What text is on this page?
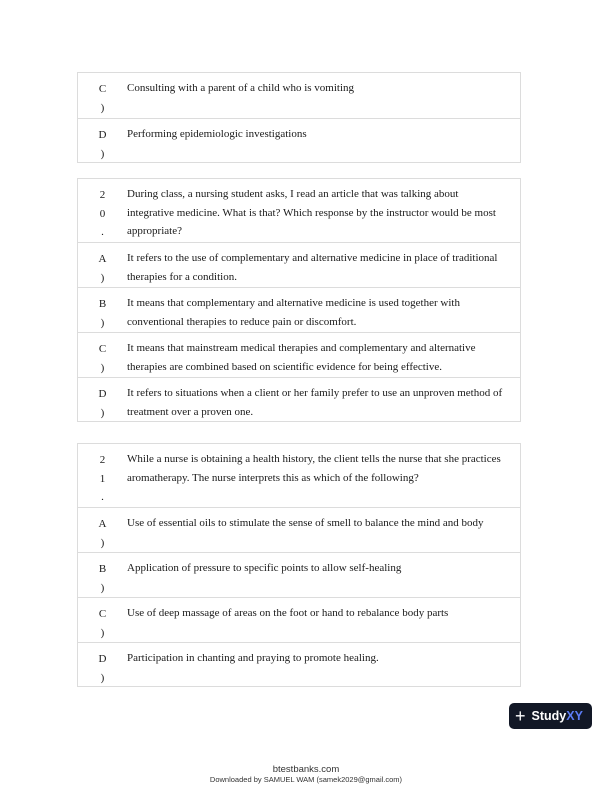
C
)
Consulting with a parent of a child who is vomiting
D
)
Performing epidemiologic investigations
2
0
.
During class, a nursing student asks, I read an article that was talking about integrative medicine. What is that? Which response by the instructor would be most appropriate?
A
)
It refers to the use of complementary and alternative medicine in place of traditional therapies for a condition.
B
)
It means that complementary and alternative medicine is used together with conventional therapies to reduce pain or discomfort.
C
)
It means that mainstream medical therapies and complementary and alternative therapies are combined based on scientific evidence for being effective.
D
)
It refers to situations when a client or her family prefer to use an unproven method of treatment over a proven one.
2
1
.
While a nurse is obtaining a health history, the client tells the nurse that she practices aromatherapy. The nurse interprets this as which of the following?
A
)
Use of essential oils to stimulate the sense of smell to balance the mind and body
B
)
Application of pressure to specific points to allow self-healing
C
)
Use of deep massage of areas on the foot or hand to rebalance body parts
D
)
Participation in chanting and praying to promote healing.
+ StudyXY
btestbanks.com
Downloaded by SAMUEL WAM (samek2029@gmail.com)
